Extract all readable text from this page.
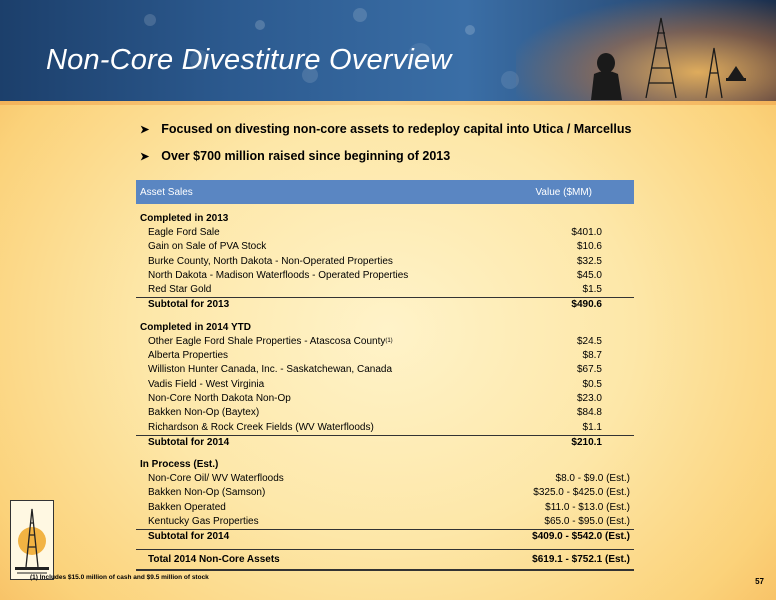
Non-Core Divestiture Overview
➤ Focused on divesting non-core assets to redeploy capital into Utica / Marcellus
➤ Over $700 million raised since beginning of 2013
Asset Sales	Value ($MM)
Completed in 2013
Eagle Ford Sale	$401.0
Gain on Sale of PVA Stock	$10.6
Burke County, North Dakota - Non-Operated Properties	$32.5
North Dakota - Madison Waterfloods - Operated Properties	$45.0
Red Star Gold	$1.5
Subtotal for 2013	$490.6
Completed in 2014 YTD
Other Eagle Ford Shale Properties - Atascosa County$^{(1)}$	$24.5
Alberta Properties	$8.7
Williston Hunter Canada, Inc. - Saskatchewan, Canada	$67.5
Vadis Field - West Virginia	$0.5
Non-Core North Dakota Non-Op	$23.0
Bakken Non-Op (Baytex)	$84.8
Richardson & Rock Creek Fields (WV Waterfloods)	$1.1
Subtotal for 2014	$210.1
In Process (Est.)
Non-Core Oil/ WV Waterfloods	$8.0 - $9.0 (Est.)
Bakken Non-Op (Samson)	$325.0 - $425.0 (Est.)
Bakken Operated	$11.0 - $13.0 (Est.)
Kentucky Gas Properties	$65.0 - $95.0 (Est.)
Subtotal for 2014	$409.0 - $542.0 (Est.)
Total 2014 Non-Core Assets	$619.1 - $752.1 (Est.)
(1) Includes $15.0 million of cash and $9.5 million of stock	57
